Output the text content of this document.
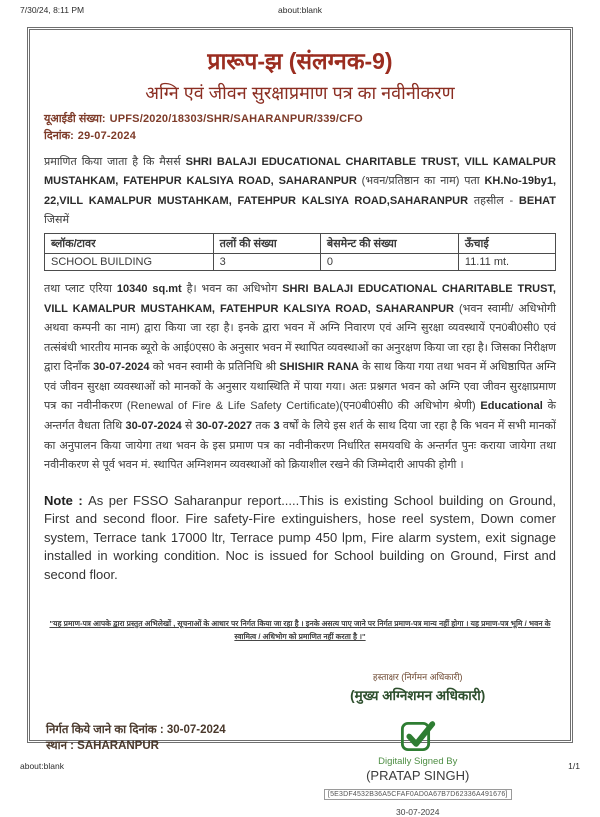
7/30/24, 8:11 PM	about:blank
प्रारूप-झ (संलग्नक-9)
अग्नि एवं जीवन सुरक्षाप्रमाण पत्र का नवीनीकरण
यूआईडी संख्या: UPFS/2020/18303/SHR/SAHARANPUR/339/CFO
दिनांक: 29-07-2024

प्रमाणित किया जाता है कि मैसर्स SHRI BALAJI EDUCATIONAL CHARITABLE TRUST, VILL KAMALPUR MUSTAHKAM, FATEHPUR KALSIYA ROAD, SAHARANPUR (भवन/प्रतिष्ठान का नाम) पता KH.No-19by1, 22,VILL KAMALPUR MUSTAHKAM, FATEHPUR KALSIYA ROAD,SAHARANPUR तहसील - BEHAT जिसमें

ब्लॉक/टावर	तलों की संख्या	बेसमेन्ट की संख्या	ऊँचाई
SCHOOL BUILDING	3	0	11.11 mt.

तथा प्लाट एरिया 10340 sq.mt है। भवन का अधिभोग SHRI BALAJI EDUCATIONAL CHARITABLE TRUST, VILL KAMALPUR MUSTAHKAM, FATEHPUR KALSIYA ROAD, SAHARANPUR (भवन स्वामी/ अधिभोगी अथवा कम्पनी का नाम) द्वारा किया जा रहा है। इनके द्वारा भवन में अग्नि निवारण एवं अग्नि सुरक्षा व्यवस्थायें एन0बी0सी0 एवं तत्संबंधी भारतीय मानक ब्यूरो के आई0एस0 के अनुसार भवन में स्थापित व्यवस्थाओं का अनुरक्षण किया जा रहा है। जिसका निरीक्षण द्वारा दिनाँक 30-07-2024 को भवन स्वामी के प्रतिनिधि श्री SHISHIR RANA के साथ किया गया तथा भवन में अधिष्ठापित अग्नि एवं जीवन सुरक्षा व्यवस्थाओं को मानकों के अनुसार यथास्थिति में पाया गया। अतः प्रश्नगत भवन को अग्नि एवा जीवन सुरक्षाप्रमाण पत्र का नवीनीकरण (Renewal of Fire & Life Safety Certificate)(एन0बी0सी0 की अधिभोग श्रेणी) Educational के अन्तर्गत वैधता तिथि 30-07-2024 से 30-07-2027 तक 3 वर्षों के लिये इस शर्त के साथ दिया जा रहा है कि भवन में सभी मानकों का अनुपालन किया जायेगा तथा भवन के इस प्रमाण पत्र का नवीनीकरण निर्धारित समयवधि के अन्तर्गत पुनः कराया जायेगा तथा नवीनीकरण से पूर्व भवन मं. स्थापित अग्निशमन व्यवस्थाओं को क्रियाशील रखने की जिम्मेदारी आपकी होगी ।

Note : As per FSSO Saharanpur report.....This is existing School building on Ground, First and second floor. Fire safety-Fire extinguishers, hose reel system, Down comer system, Terrace tank 17000 ltr, Terrace pump 450 lpm, Fire alarm system, exit signage installed in working condition. Noc is issued for School building on Ground, First and second floor.

"यह प्रमाण-पत्र आपके द्वारा प्रस्तुत अभिलेखों , सूचनाओं के आधार पर निर्गत किया जा रहा है । इनके असत्य पाए जाने पर निर्गत प्रमाण-पत्र मान्य नहीं होगा । यह प्रमाण-पत्र भूमि / भवन के स्वामित्व / अधिभोग को प्रमाणित नहीं करता है ।"

निर्गत किये जाने का दिनांक : 30-07-2024
स्थान : SAHARANPUR
हस्ताक्षर (निर्गमन अधिकारी)
(मुख्य अग्निशमन अधिकारी)
Digitally Signed By
(PRATAP SINGH)
[5E3DF4532B36A5CFAF0AD0A67B7D62336A491676]
30-07-2024
about:blank	1/1
